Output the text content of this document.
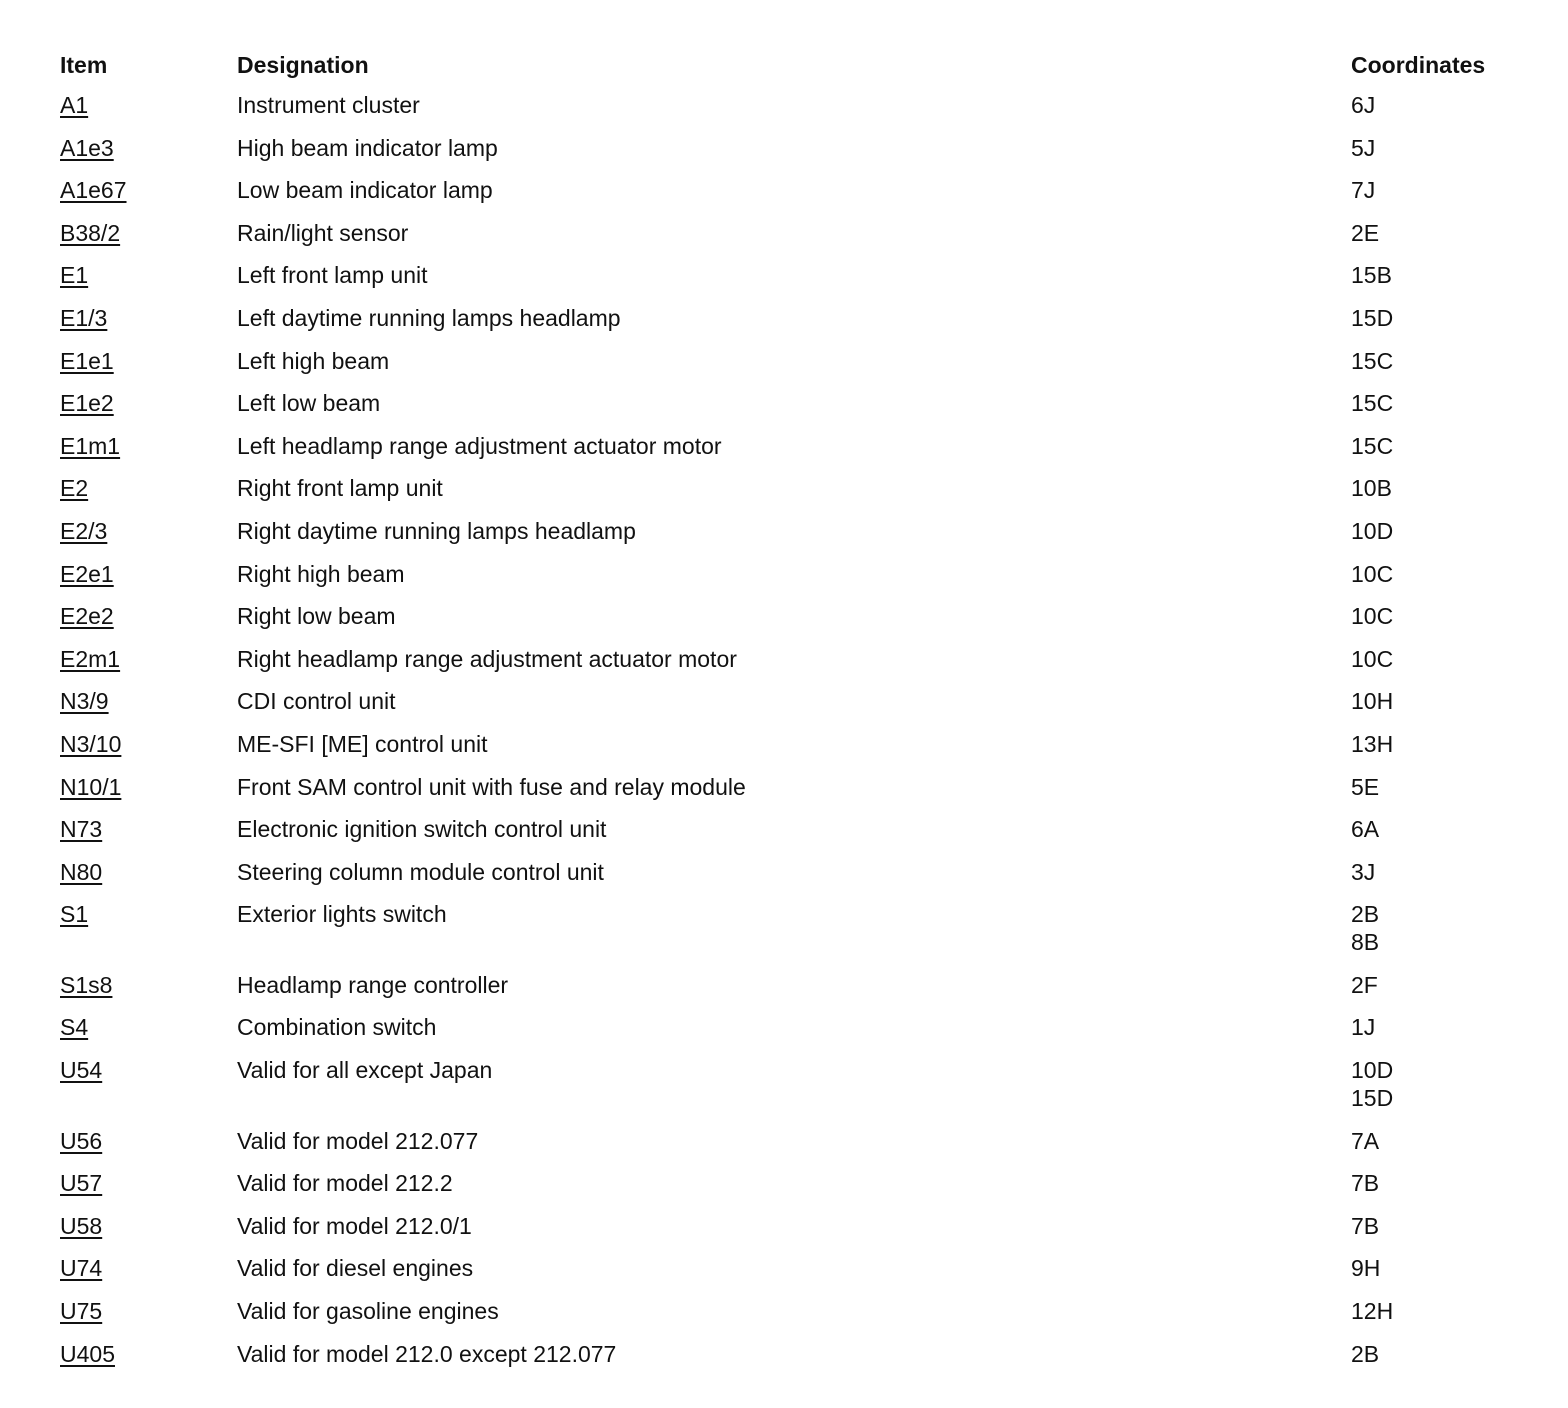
Item	Designation	Coordinates
A1	Instrument cluster	6J
A1e3	High beam indicator lamp	5J
A1e67	Low beam indicator lamp	7J
B38/2	Rain/light sensor	2E
E1	Left front lamp unit	15B
E1/3	Left daytime running lamps headlamp	15D
E1e1	Left high beam	15C
E1e2	Left low beam	15C
E1m1	Left headlamp range adjustment actuator motor	15C
E2	Right front lamp unit	10B
E2/3	Right daytime running lamps headlamp	10D
E2e1	Right high beam	10C
E2e2	Right low beam	10C
E2m1	Right headlamp range adjustment actuator motor	10C
N3/9	CDI control unit	10H
N3/10	ME-SFI [ME] control unit	13H
N10/1	Front SAM control unit with fuse and relay module	5E
N73	Electronic ignition switch control unit	6A
N80	Steering column module control unit	3J
S1	Exterior lights switch	2B
8B
S1s8	Headlamp range controller	2F
S4	Combination switch	1J
U54	Valid for all except Japan	10D
15D
U56	Valid for model 212.077	7A
U57	Valid for model 212.2	7B
U58	Valid for model 212.0/1	7B
U74	Valid for diesel engines	9H
U75	Valid for gasoline engines	12H
U405	Valid for model 212.0 except 212.077	2B
